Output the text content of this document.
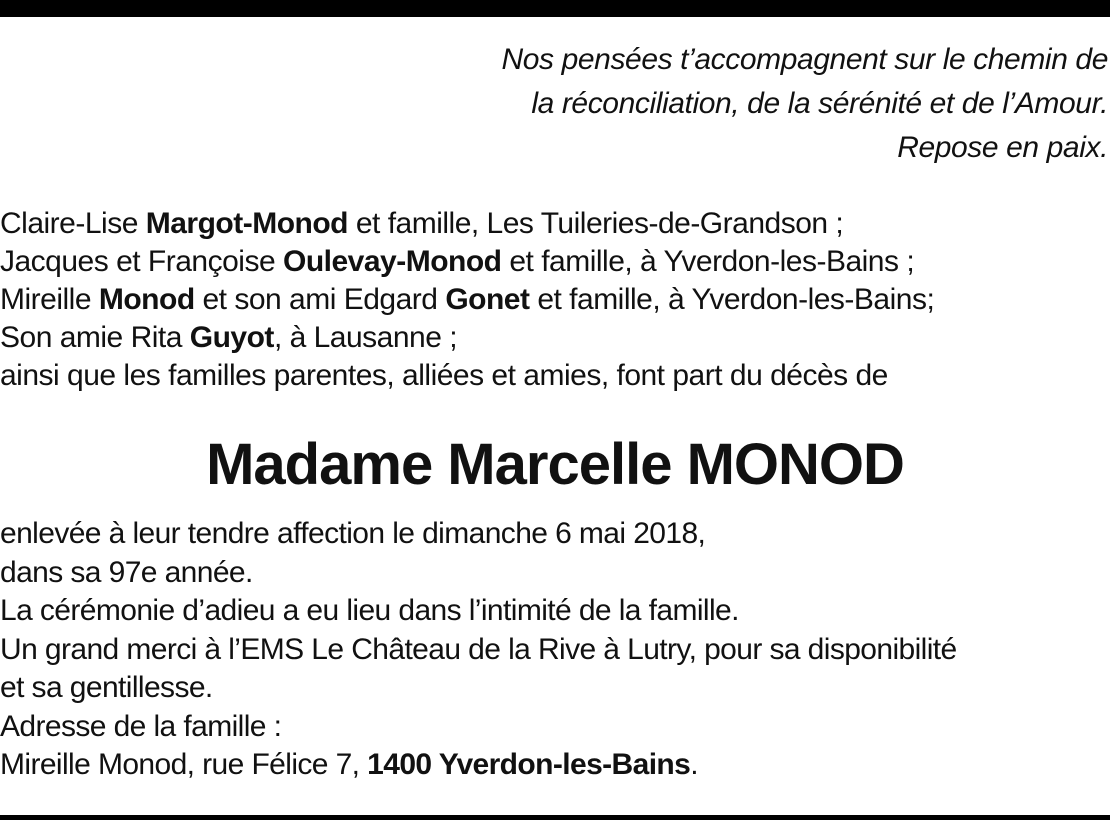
Nos pensées t’accompagnent sur le chemin de
la réconciliation, de la sérénité et de l’Amour.
Repose en paix.
Claire-Lise Margot-Monod et famille, Les Tuileries-de-Grandson ;
Jacques et Françoise Oulevay-Monod et famille, à Yverdon-les-Bains ;
Mireille Monod et son ami Edgard Gonet et famille, à Yverdon-les-Bains;
Son amie Rita Guyot, à Lausanne ;
ainsi que les familles parentes, alliées et amies, font part du décès de
Madame Marcelle MONOD
enlevée à leur tendre affection le dimanche 6 mai 2018,
dans sa 97e année.
La cérémonie d’adieu a eu lieu dans l’intimité de la famille.
Un grand merci à l’EMS Le Château de la Rive à Lutry, pour sa disponibilité
et sa gentillesse.
Adresse de la famille :
Mireille Monod, rue Félice 7, 1400 Yverdon-les-Bains.
